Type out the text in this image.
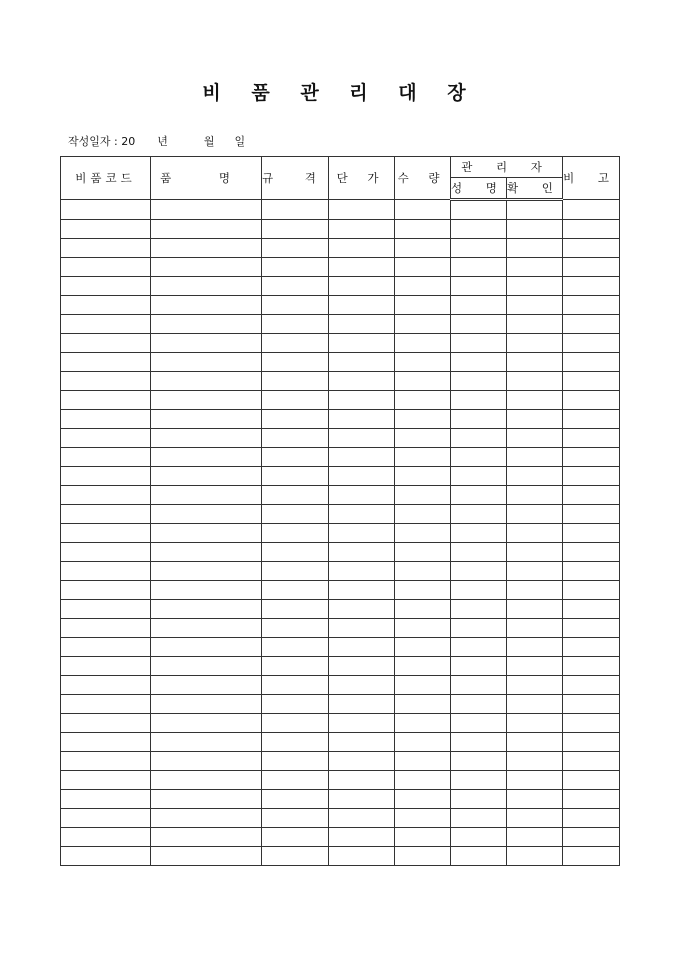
비 품 관 리 대 장
작성일자 : 20 년	월 일
비품코드	품 명	규 격	단 가	수 량	관 리 자		비 고
					성 명	확 인	
